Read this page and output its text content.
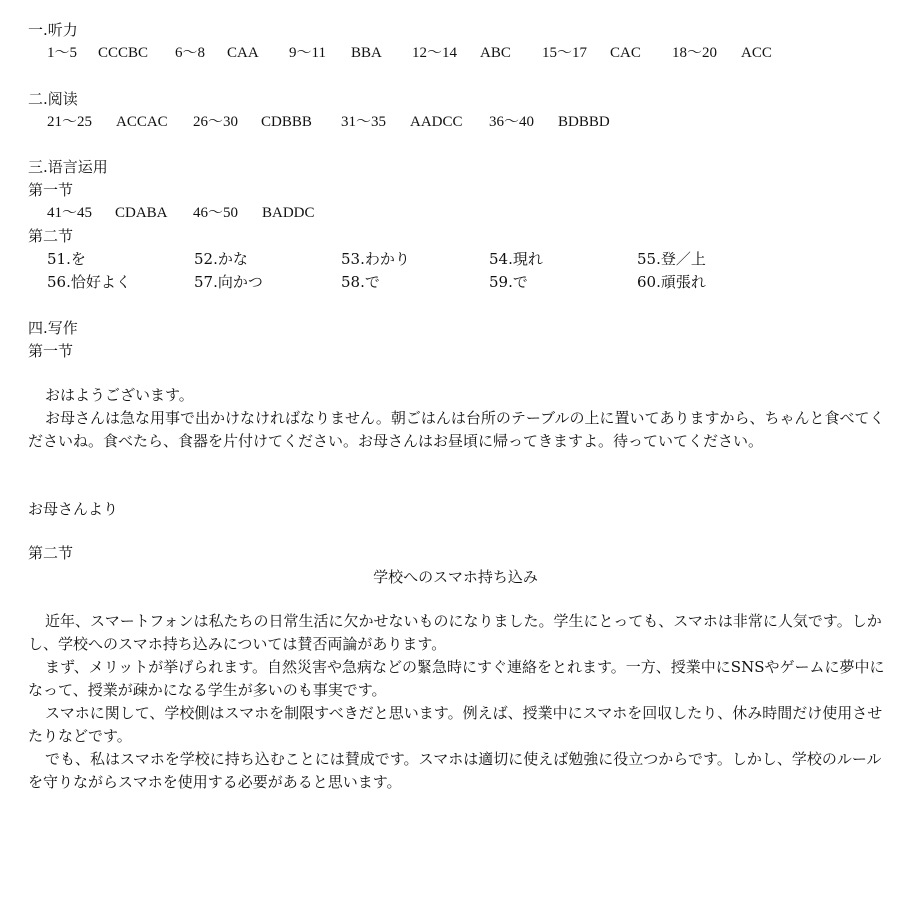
一.听力
1～5 CCCBC 6～8 CAA 9～11 BBA 12～14 ABC 15～17 CAC 18～20 ACC
二.阅读
21～25 ACCAC 26～30 CDBBB 31～35 AADCC 36～40 BDBBD
三.语言运用
第一节
41～45 CDABA 46～50 BADDC
第二节
51.を	52.かな	53.わかり	54.現れ	55.登／上
56.恰好よく	57.向かつ	58.で	59.で	60.頑張れ
四.写作
第一节
おはようございます。
お母さんは急な用事で出かけなければなりません。朝ごはんは台所のテーブルの上に置いてありますから、ちゃんと食べてくださいね。食べたら、食器を片付けてください。お母さんはお昼頃に帰ってきますよ。待っていてください。
お母さんより
第二节
学校へのスマホ持ち込み
近年、スマートフォンは私たちの日常生活に欠かせないものになりました。学生にとっても、スマホは非常に人気です。しかし、学校へのスマホ持ち込みについては賛否両論があります。
まず、メリットが挙げられます。自然災害や急病などの緊急時にすぐ連絡をとれます。一方、授業中にSNSやゲームに夢中になって、授業が疎かになる学生が多いのも事実です。
スマホに関して、学校側はスマホを制限すべきだと思います。例えば、授業中にスマホを回収したり、休み時間だけ使用させたりなどです。
でも、私はスマホを学校に持ち込むことには賛成です。スマホは適切に使えば勉強に役立つからです。しかし、学校のルールを守りながらスマホを使用する必要があると思います。
